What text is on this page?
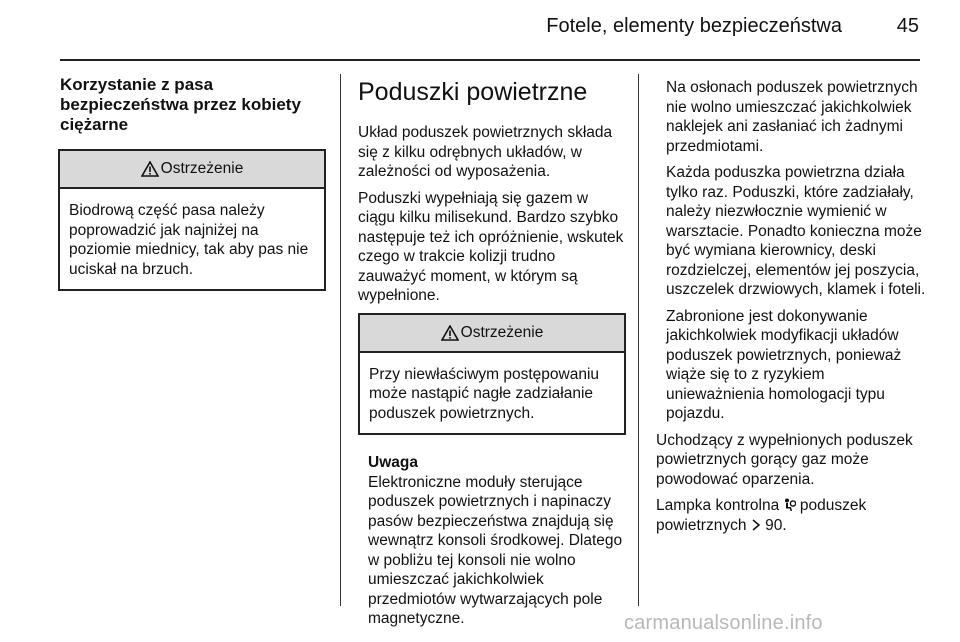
Fotele, elementy bezpieczeństwa	45
Korzystanie z pasa bezpieczeństwa przez kobiety ciężarne
Ostrzeżenie
Biodrową część pasa należy poprowadzić jak najniżej na poziomie miednicy, tak aby pas nie uciskał na brzuch.
Poduszki powietrzne

Układ poduszek powietrznych składa się z kilku odrębnych układów, w zależności od wyposażenia.

Poduszki wypełniają się gazem w ciągu kilku milisekund. Bardzo szybko następuje też ich opróżnienie, wskutek czego w trakcie kolizji trudno zauważyć moment, w którym są wypełnione.

Ostrzeżenie
Przy niewłaściwym postępowaniu może nastąpić nagłe zadziałanie poduszek powietrznych.
Uwaga
Elektroniczne moduły sterujące poduszek powietrznych i napinaczy pasów bezpieczeństwa znajdują się wewnątrz konsoli środkowej. Dlatego w pobliżu tej konsoli nie wolno umieszczać jakichkolwiek przedmiotów wytwarzających pole magnetyczne.

Na osłonach poduszek powietrznych nie wolno umieszczać jakichkolwiek naklejek ani zasłaniać ich żadnymi przedmiotami.

Każda poduszka powietrzna działa tylko raz. Poduszki, które zadziałały, należy niezwłocznie wymienić w warsztacie. Ponadto konieczna może być wymiana kierownicy, deski rozdzielczej, elementów jej poszycia, uszczelek drzwiowych, klamek i foteli.

Zabronione jest dokonywanie jakichkolwiek modyfikacji układów poduszek powietrznych, ponieważ wiąże się to z ryzykiem unieważnienia homologacji typu pojazdu.

Uchodzący z wypełnionych poduszek powietrznych gorący gaz może powodować oparzenia.

Lampka kontrolna poduszek powietrznych 90.

carmanualsonline.info
